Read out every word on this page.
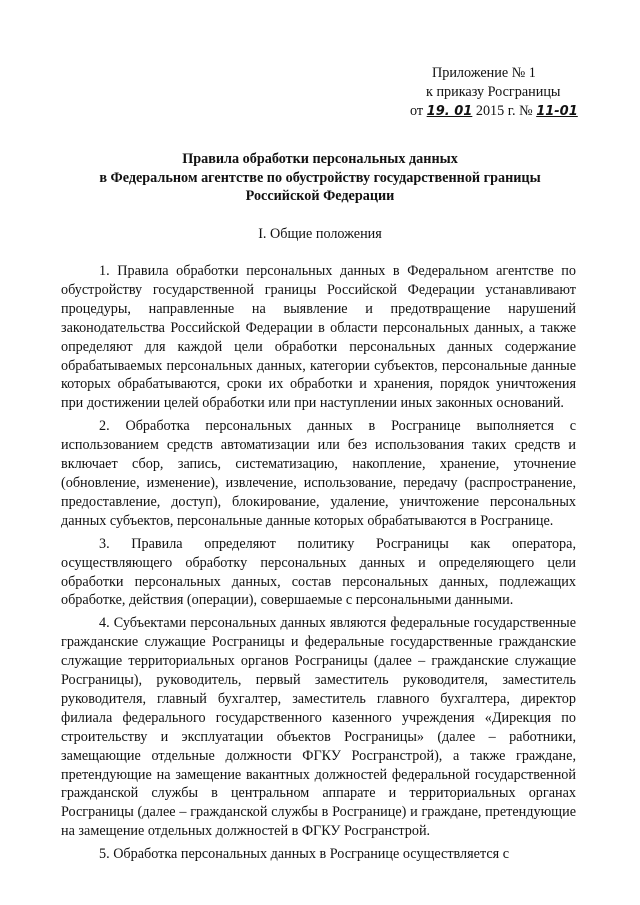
Приложение № 1
к приказу Росграницы
от 19. 01 2015 г. № 11-01
Правила обработки персональных данных
в Федеральном агентстве по обустройству государственной границы
Российской Федерации
I. Общие положения

1. Правила обработки персональных данных в Федеральном агентстве по обустройству государственной границы Российской Федерации устанавливают процедуры, направленные на выявление и предотвращение нарушений законодательства Российской Федерации в области персональных данных, а также определяют для каждой цели обработки персональных данных содержание обрабатываемых персональных данных, категории субъектов, персональные данные которых обрабатываются, сроки их обработки и хранения, порядок уничтожения при достижении целей обработки или при наступлении иных законных оснований.

2. Обработка персональных данных в Росгранице выполняется с использованием средств автоматизации или без использования таких средств и включает сбор, запись, систематизацию, накопление, хранение, уточнение (обновление, изменение), извлечение, использование, передачу (распространение, предоставление, доступ), блокирование, удаление, уничтожение персональных данных субъектов, персональные данные которых обрабатываются в Росгранице.

3. Правила определяют политику Росграницы как оператора, осуществляющего обработку персональных данных и определяющего цели обработки персональных данных, состав персональных данных, подлежащих обработке, действия (операции), совершаемые с персональными данными.

4. Субъектами персональных данных являются федеральные государственные гражданские служащие Росграницы и федеральные государственные гражданские служащие территориальных органов Росграницы (далее – гражданские служащие Росграницы), руководитель, первый заместитель руководителя, заместитель руководителя, главный бухгалтер, заместитель главного бухгалтера, директор филиала федерального государственного казенного учреждения «Дирекция по строительству и эксплуатации объектов Росграницы» (далее – работники, замещающие отдельные должности ФГКУ Росгранстрой), а также граждане, претендующие на замещение вакантных должностей федеральной государственной гражданской службы в центральном аппарате и территориальных органах Росграницы (далее – гражданской службы в Росгранице) и граждане, претендующие на замещение отдельных должностей в ФГКУ Росгранстрой.

5. Обработка персональных данных в Росгранице осуществляется с
